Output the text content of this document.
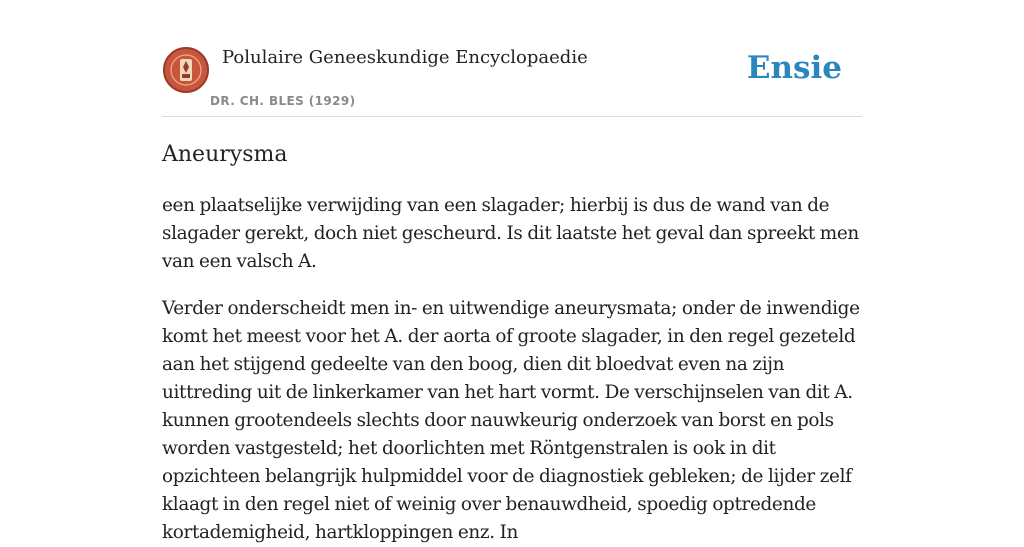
Polulaire Geneeskundige Encyclopaedie
DR. CH. BLES (1929)
Ensie
Aneurysma

een plaatselijke verwijding van een slagader; hierbij is dus de wand van de slagader gerekt, doch niet gescheurd. Is dit laatste het geval dan spreekt men van een valsch A.

Verder onderscheidt men in- en uitwendige aneurysmata; onder de inwendige komt het meest voor het A. der aorta of groote slagader, in den regel gezeteld aan het stijgend gedeelte van den boog, dien dit bloedvat even na zijn uittreding uit de linkerkamer van het hart vormt. De verschijnselen van dit A. kunnen grootendeels slechts door nauwkeurig onderzoek van borst en pols worden vastgesteld; het doorlichten met Röntgenstralen is ook in dit opzichteen belangrijk hulpmiddel voor de diagnostiek gebleken; de lijder zelf klaagt in den regel niet of weinig over benauwdheid, spoedig optredende kortademigheid, hartkloppingen enz. In
